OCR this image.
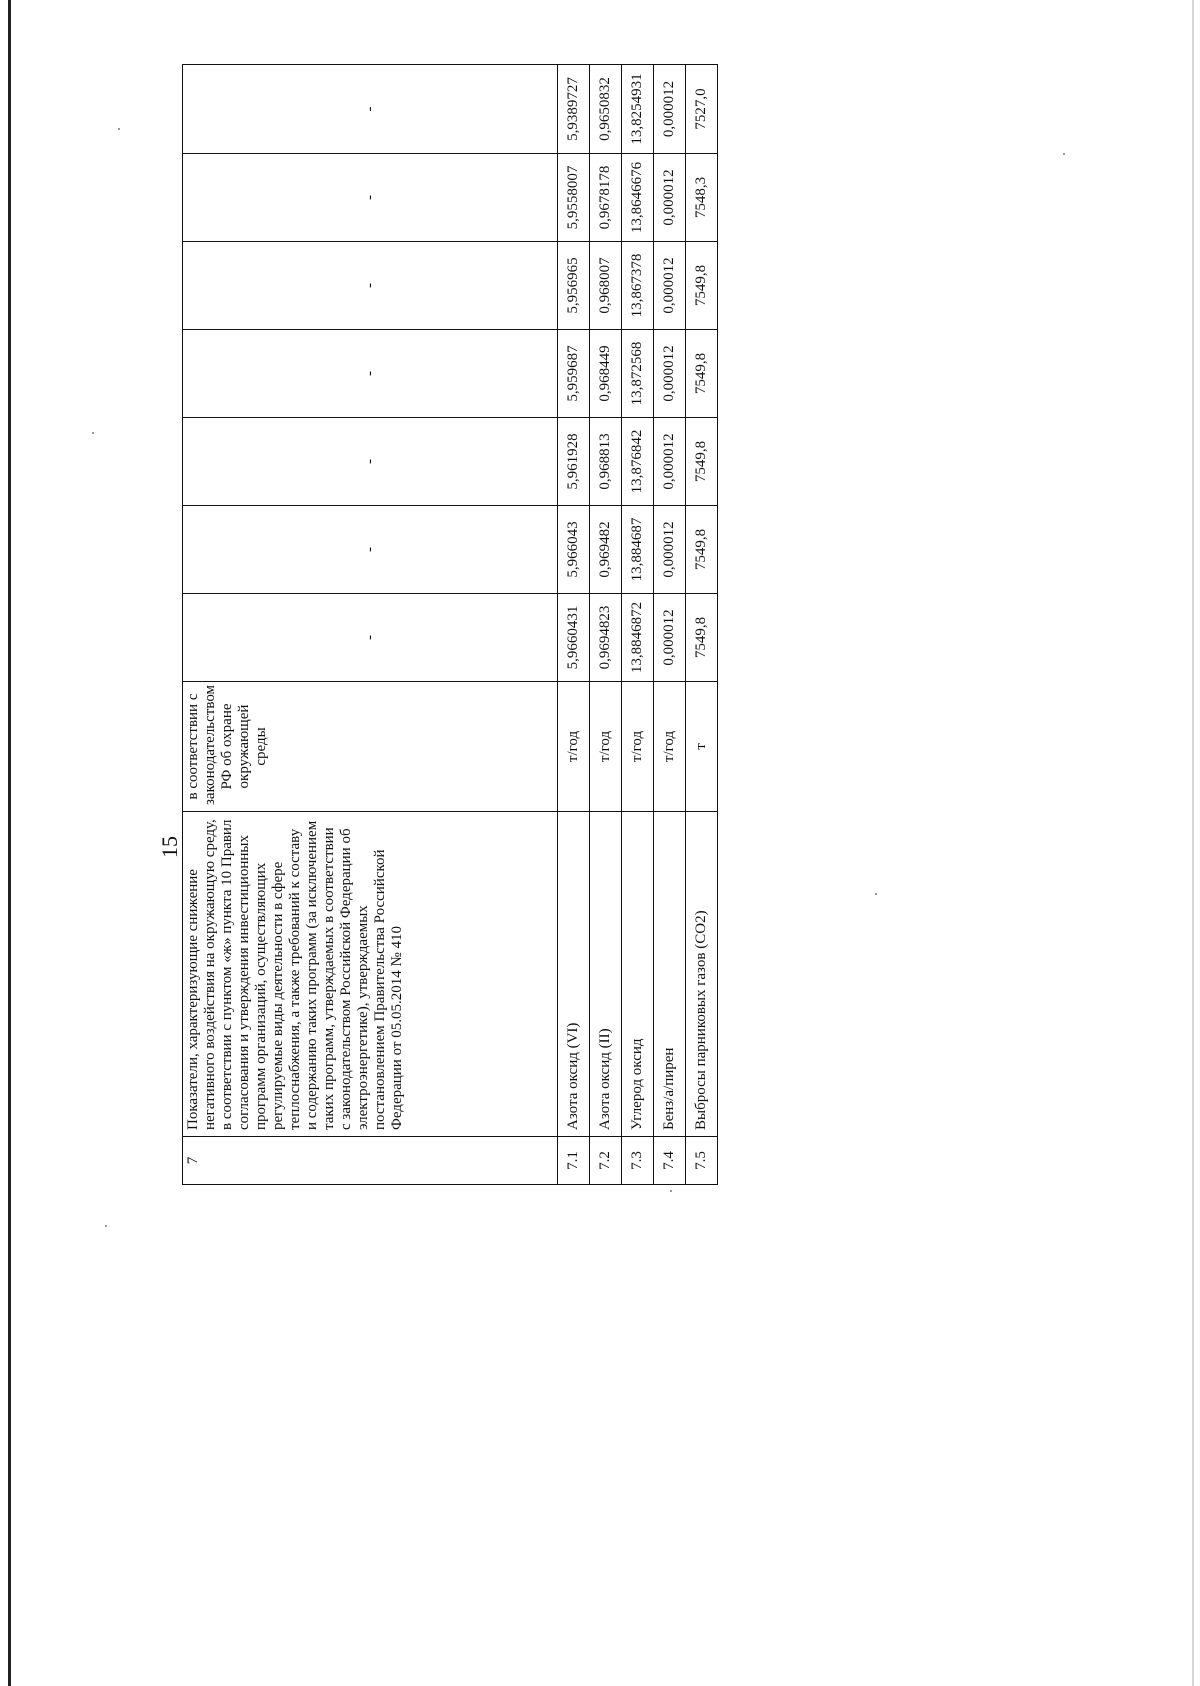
15
7	Показатели, характеризующие снижение негативного воздействия на окружающую среду, в соответствии с пунктом «ж» пункта 10 Правил согласования и утверждения инвестиционных программ организаций, осуществляющих регулируемые виды деятельности в сфере теплоснабжения, а также требований к составу и содержанию таких программ (за исключением таких программ, утверждаемых в соответствии с законодательством Российской Федерации об электроэнергетике), утверждаемых постановлением Правительства Российской Федерации от 05.05.2014 № 410	в соответствии с законодательством РФ об охране окружающей среды	-	-	-	-	-	-	-
7.1	Азота оксид (VI)	т/год	5,9660431	5,966043	5,961928	5,959687	5,956965	5,9558007	5,9389727
7.2	Азота оксид (II)	т/год	0,9694823	0,969482	0,968813	0,968449	0,968007	0,9678178	0,9650832
7.3	Углерод оксид	т/год	13,8846872	13,884687	13,876842	13,872568	13,867378	13,8646676	13,8254931
7.4	Бенз/а/пирен	т/год	0,000012	0,000012	0,000012	0,000012	0,000012	0,000012	0,000012
7.5	Выбросы парниковых газов (CO2)	т	7549,8	7549,8	7549,8	7549,8	7549,8	7548,3	7527,0
